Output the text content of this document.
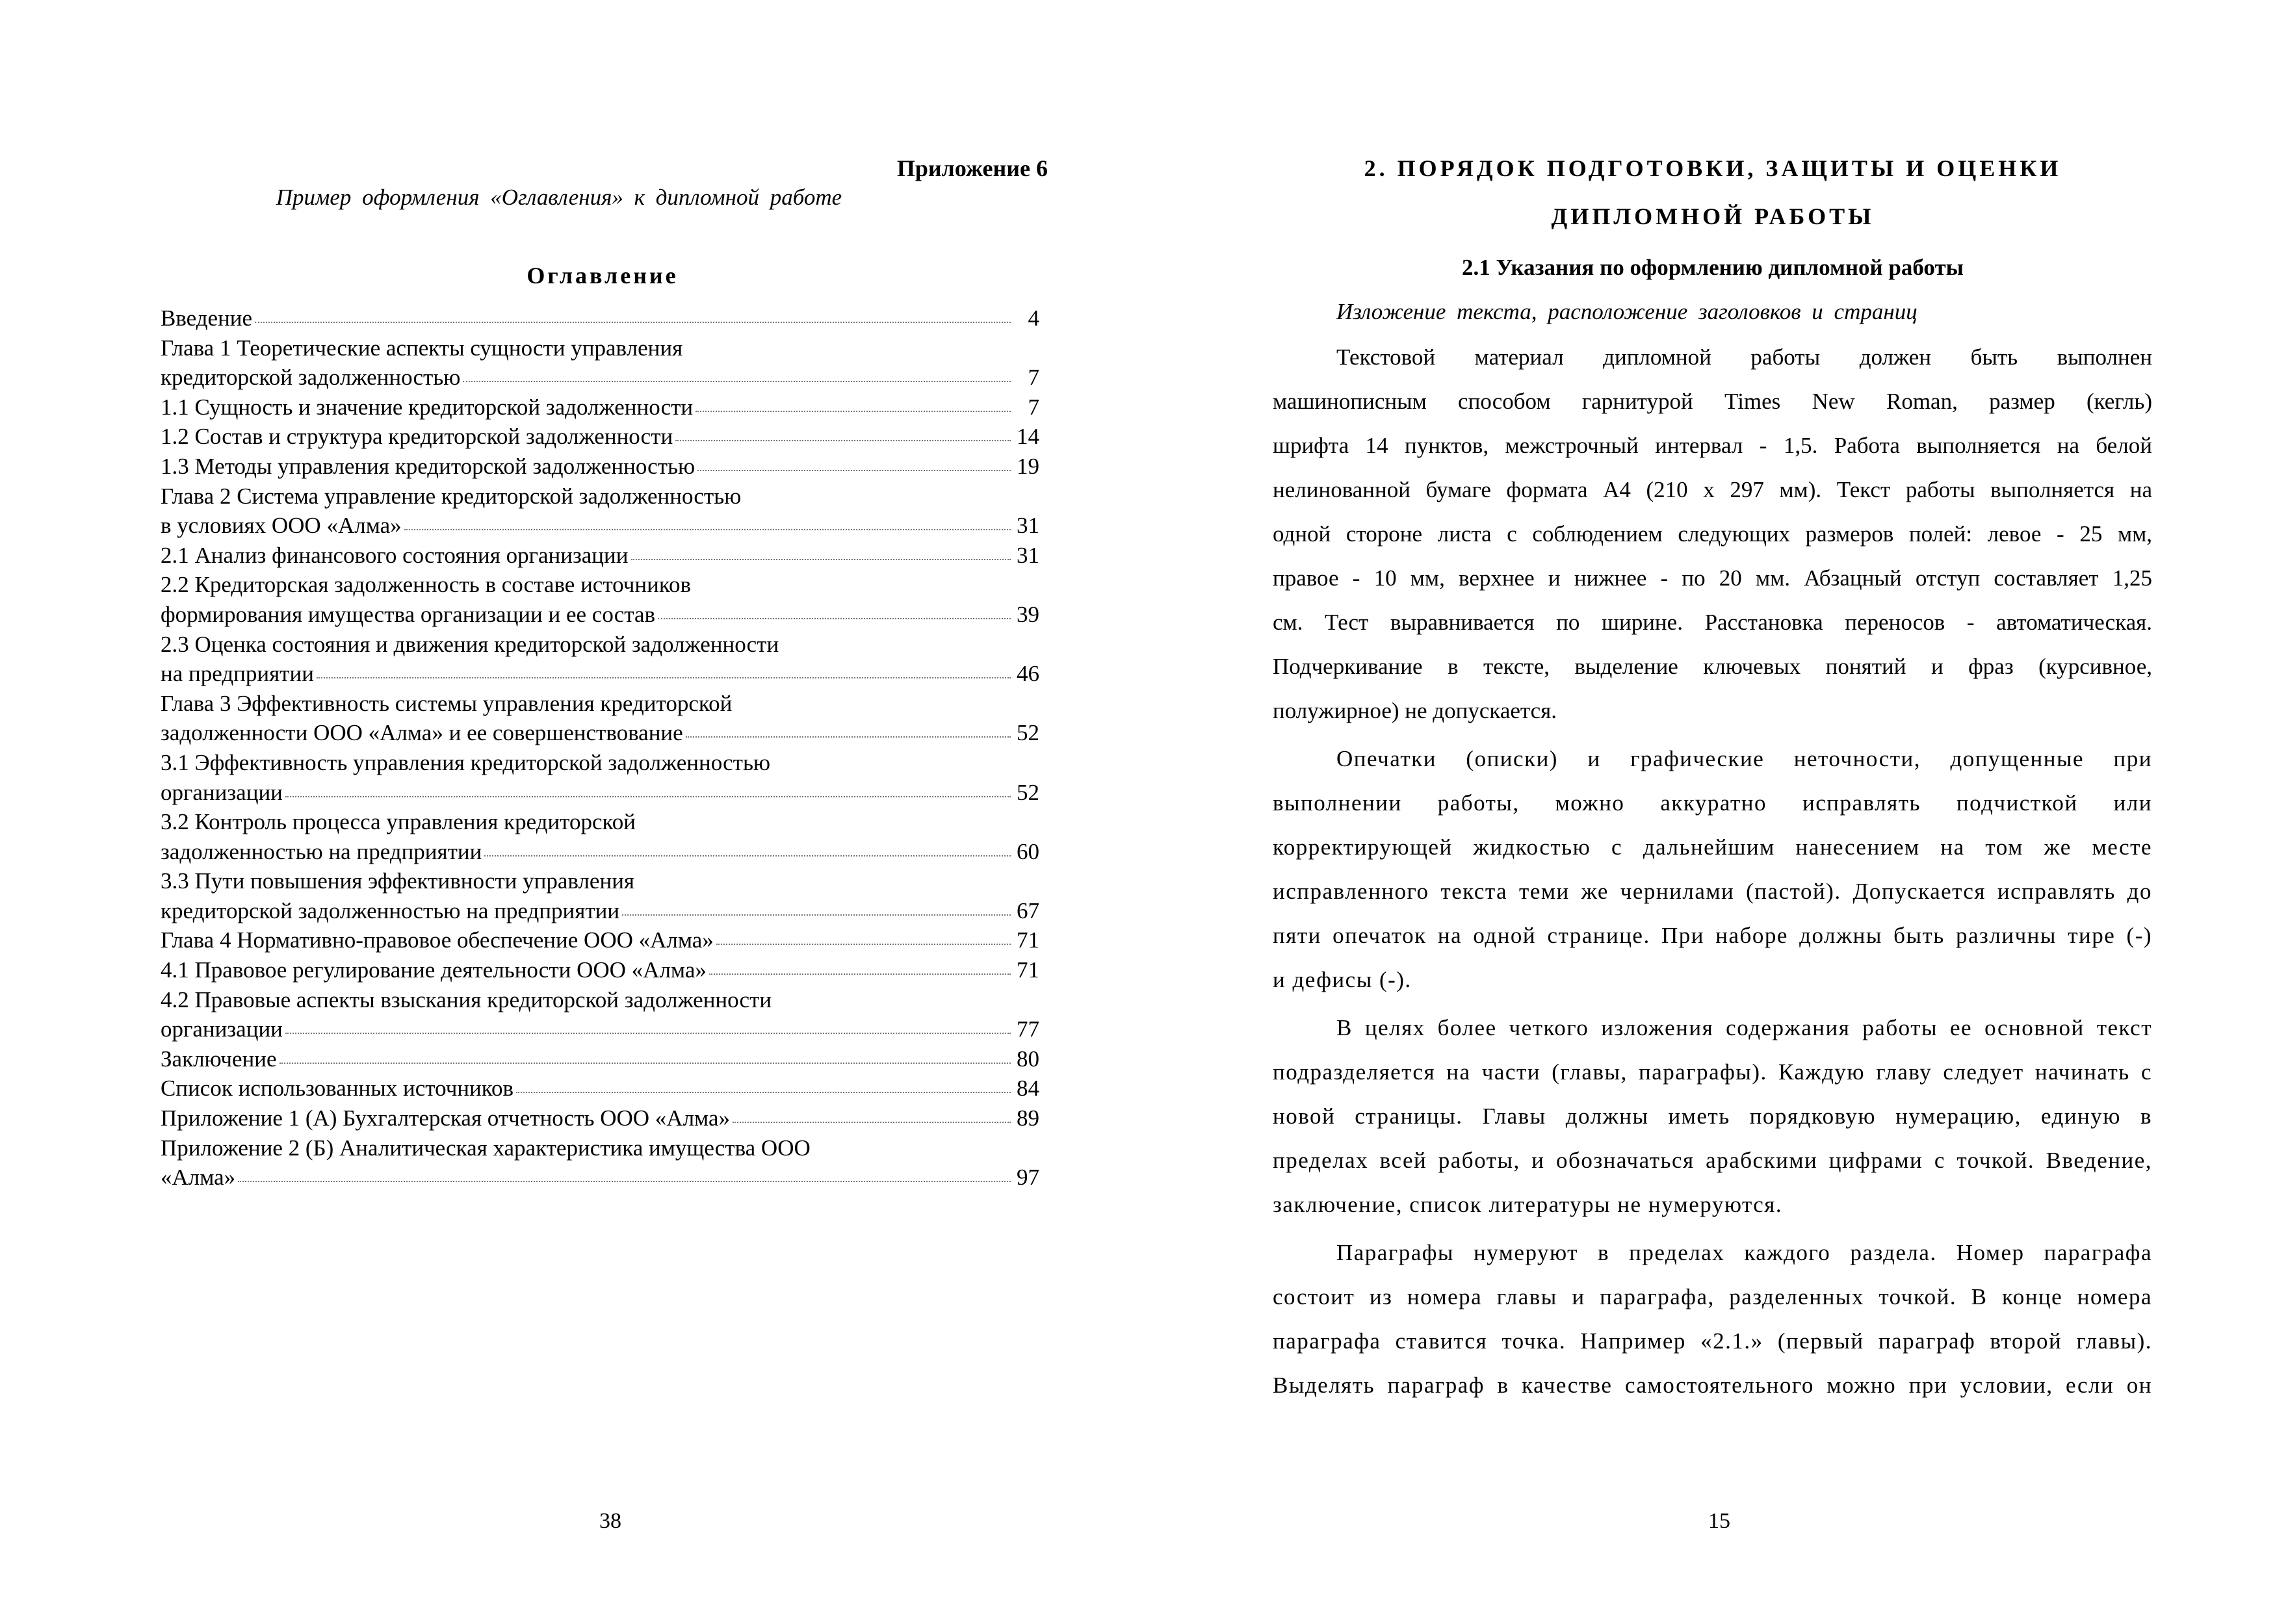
Приложение 6
Пример оформления «Оглавления» к дипломной работе
Оглавление
Введение	4
Глава 1 Теоретические аспекты сущности управления
кредиторской задолженностью	7
1.1 Сущность и значение кредиторской задолженности	7
1.2 Состав и структура кредиторской задолженности	14
1.3 Методы управления кредиторской задолженностью	19
Глава 2 Система управление кредиторской задолженностью
в условиях ООО «Алма»	31
2.1 Анализ финансового состояния организации	31
2.2 Кредиторская задолженность в составе источников
формирования имущества организации и ее состав	39
2.3 Оценка состояния и движения кредиторской задолженности
на предприятии	46
Глава 3 Эффективность системы управления кредиторской
задолженности ООО «Алма» и ее совершенствование	52
3.1 Эффективность управления кредиторской задолженностью
организации	52
3.2 Контроль процесса управления кредиторской
задолженностью на предприятии	60
3.3 Пути повышения эффективности управления
кредиторской задолженностью на предприятии	67
Глава 4 Нормативно-правовое обеспечение ООО «Алма»	71
4.1 Правовое регулирование деятельности ООО «Алма»	71
4.2 Правовые аспекты взыскания кредиторской задолженности
организации	77
Заключение	80
Список использованных источников	84
Приложение 1 (А) Бухгалтерская отчетность ООО «Алма»	89
Приложение 2 (Б) Аналитическая характеристика имущества ООО
«Алма»	97
38
2. ПОРЯДОК ПОДГОТОВКИ, ЗАЩИТЫ И ОЦЕНКИ
ДИПЛОМНОЙ РАБОТЫ
2.1 Указания по оформлению дипломной работы
Изложение текста, расположение заголовков и страниц
Текстовой материал дипломной работы должен быть выполнен
машинописным способом гарнитурой Times New Roman, размер (кегль)
шрифта 14 пунктов, межстрочный интервал - 1,5. Работа выполняется на белой
нелинованной бумаге формата А4 (210 х 297 мм). Текст работы выполняется на
одной стороне листа с соблюдением следующих размеров полей: левое - 25 мм,
правое - 10 мм, верхнее и нижнее - по 20 мм. Абзацный отступ составляет 1,25
см. Тест выравнивается по ширине. Расстановка переносов - автоматическая.
Подчеркивание в тексте, выделение ключевых понятий и фраз (курсивное,
полужирное) не допускается.
Опечатки (описки) и графические неточности, допущенные при
выполнении работы, можно аккуратно исправлять подчисткой или
корректирующей жидкостью с дальнейшим нанесением на том же месте
исправленного текста теми же чернилами (пастой). Допускается исправлять до
пяти опечаток на одной странице. При наборе должны быть различны тире (-)
и дефисы (-).
В целях более четкого изложения содержания работы ее основной текст
подразделяется на части (главы, параграфы). Каждую главу следует начинать с
новой страницы. Главы должны иметь порядковую нумерацию, единую в
пределах всей работы, и обозначаться арабскими цифрами с точкой. Введение,
заключение, список литературы не нумеруются.
Параграфы нумеруют в пределах каждого раздела. Номер параграфа
состоит из номера главы и параграфа, разделенных точкой. В конце номера
параграфа ставится точка. Например «2.1.» (первый параграф второй главы).
Выделять параграф в качестве самостоятельного можно при условии, если он
15
